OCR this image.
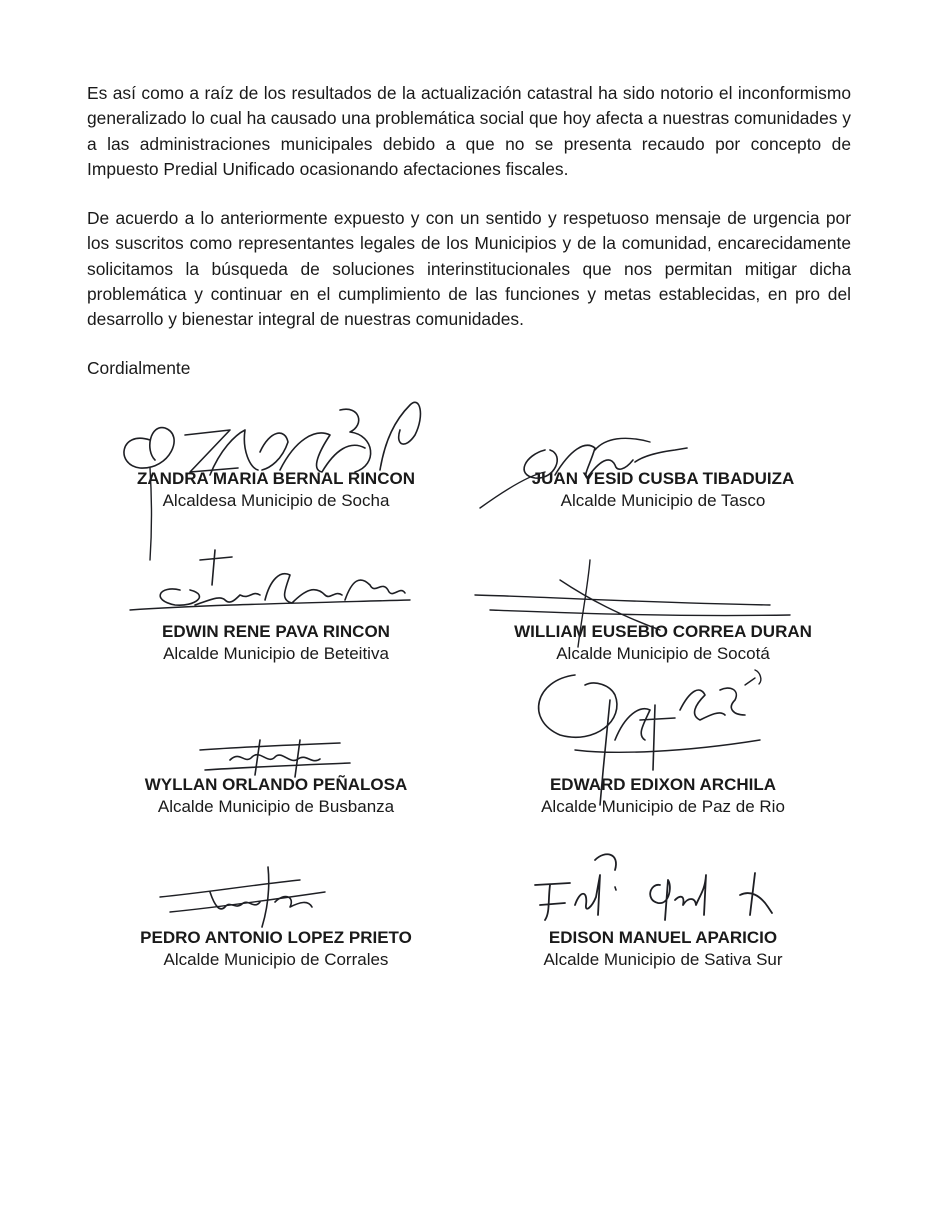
Es así como a raíz de los resultados de la actualización catastral ha sido notorio el inconformismo generalizado lo cual ha causado una problemática social que hoy afecta a nuestras comunidades y a las administraciones municipales debido a que no se presenta recaudo por concepto de Impuesto Predial Unificado ocasionando afectaciones fiscales.

De acuerdo a lo anteriormente expuesto y con un sentido y respetuoso mensaje de urgencia por los suscritos como representantes legales de los Municipios y de la comunidad, encarecidamente solicitamos la búsqueda de soluciones interinstitucionales que nos permitan mitigar dicha problemática y continuar en el cumplimiento de las funciones y metas establecidas, en pro del desarrollo y bienestar integral de nuestras comunidades.

Cordialmente

ZANDRA MARIA BERNAL RINCON
Alcaldesa Municipio de Socha
JUAN YESID CUSBA TIBADUIZA
Alcalde Municipio de Tasco
EDWIN RENE PAVA RINCON
Alcalde Municipio de Beteitiva
WILLIAM EUSEBIO CORREA DURAN
Alcalde Municipio de Socotá
WYLLAN ORLANDO PEÑALOSA
Alcalde Municipio de Busbanza
EDWARD EDIXON ARCHILA
Alcalde Municipio de Paz de Rio
PEDRO ANTONIO LOPEZ PRIETO
Alcalde Municipio de Corrales
EDISON MANUEL APARICIO
Alcalde Municipio de Sativa Sur
